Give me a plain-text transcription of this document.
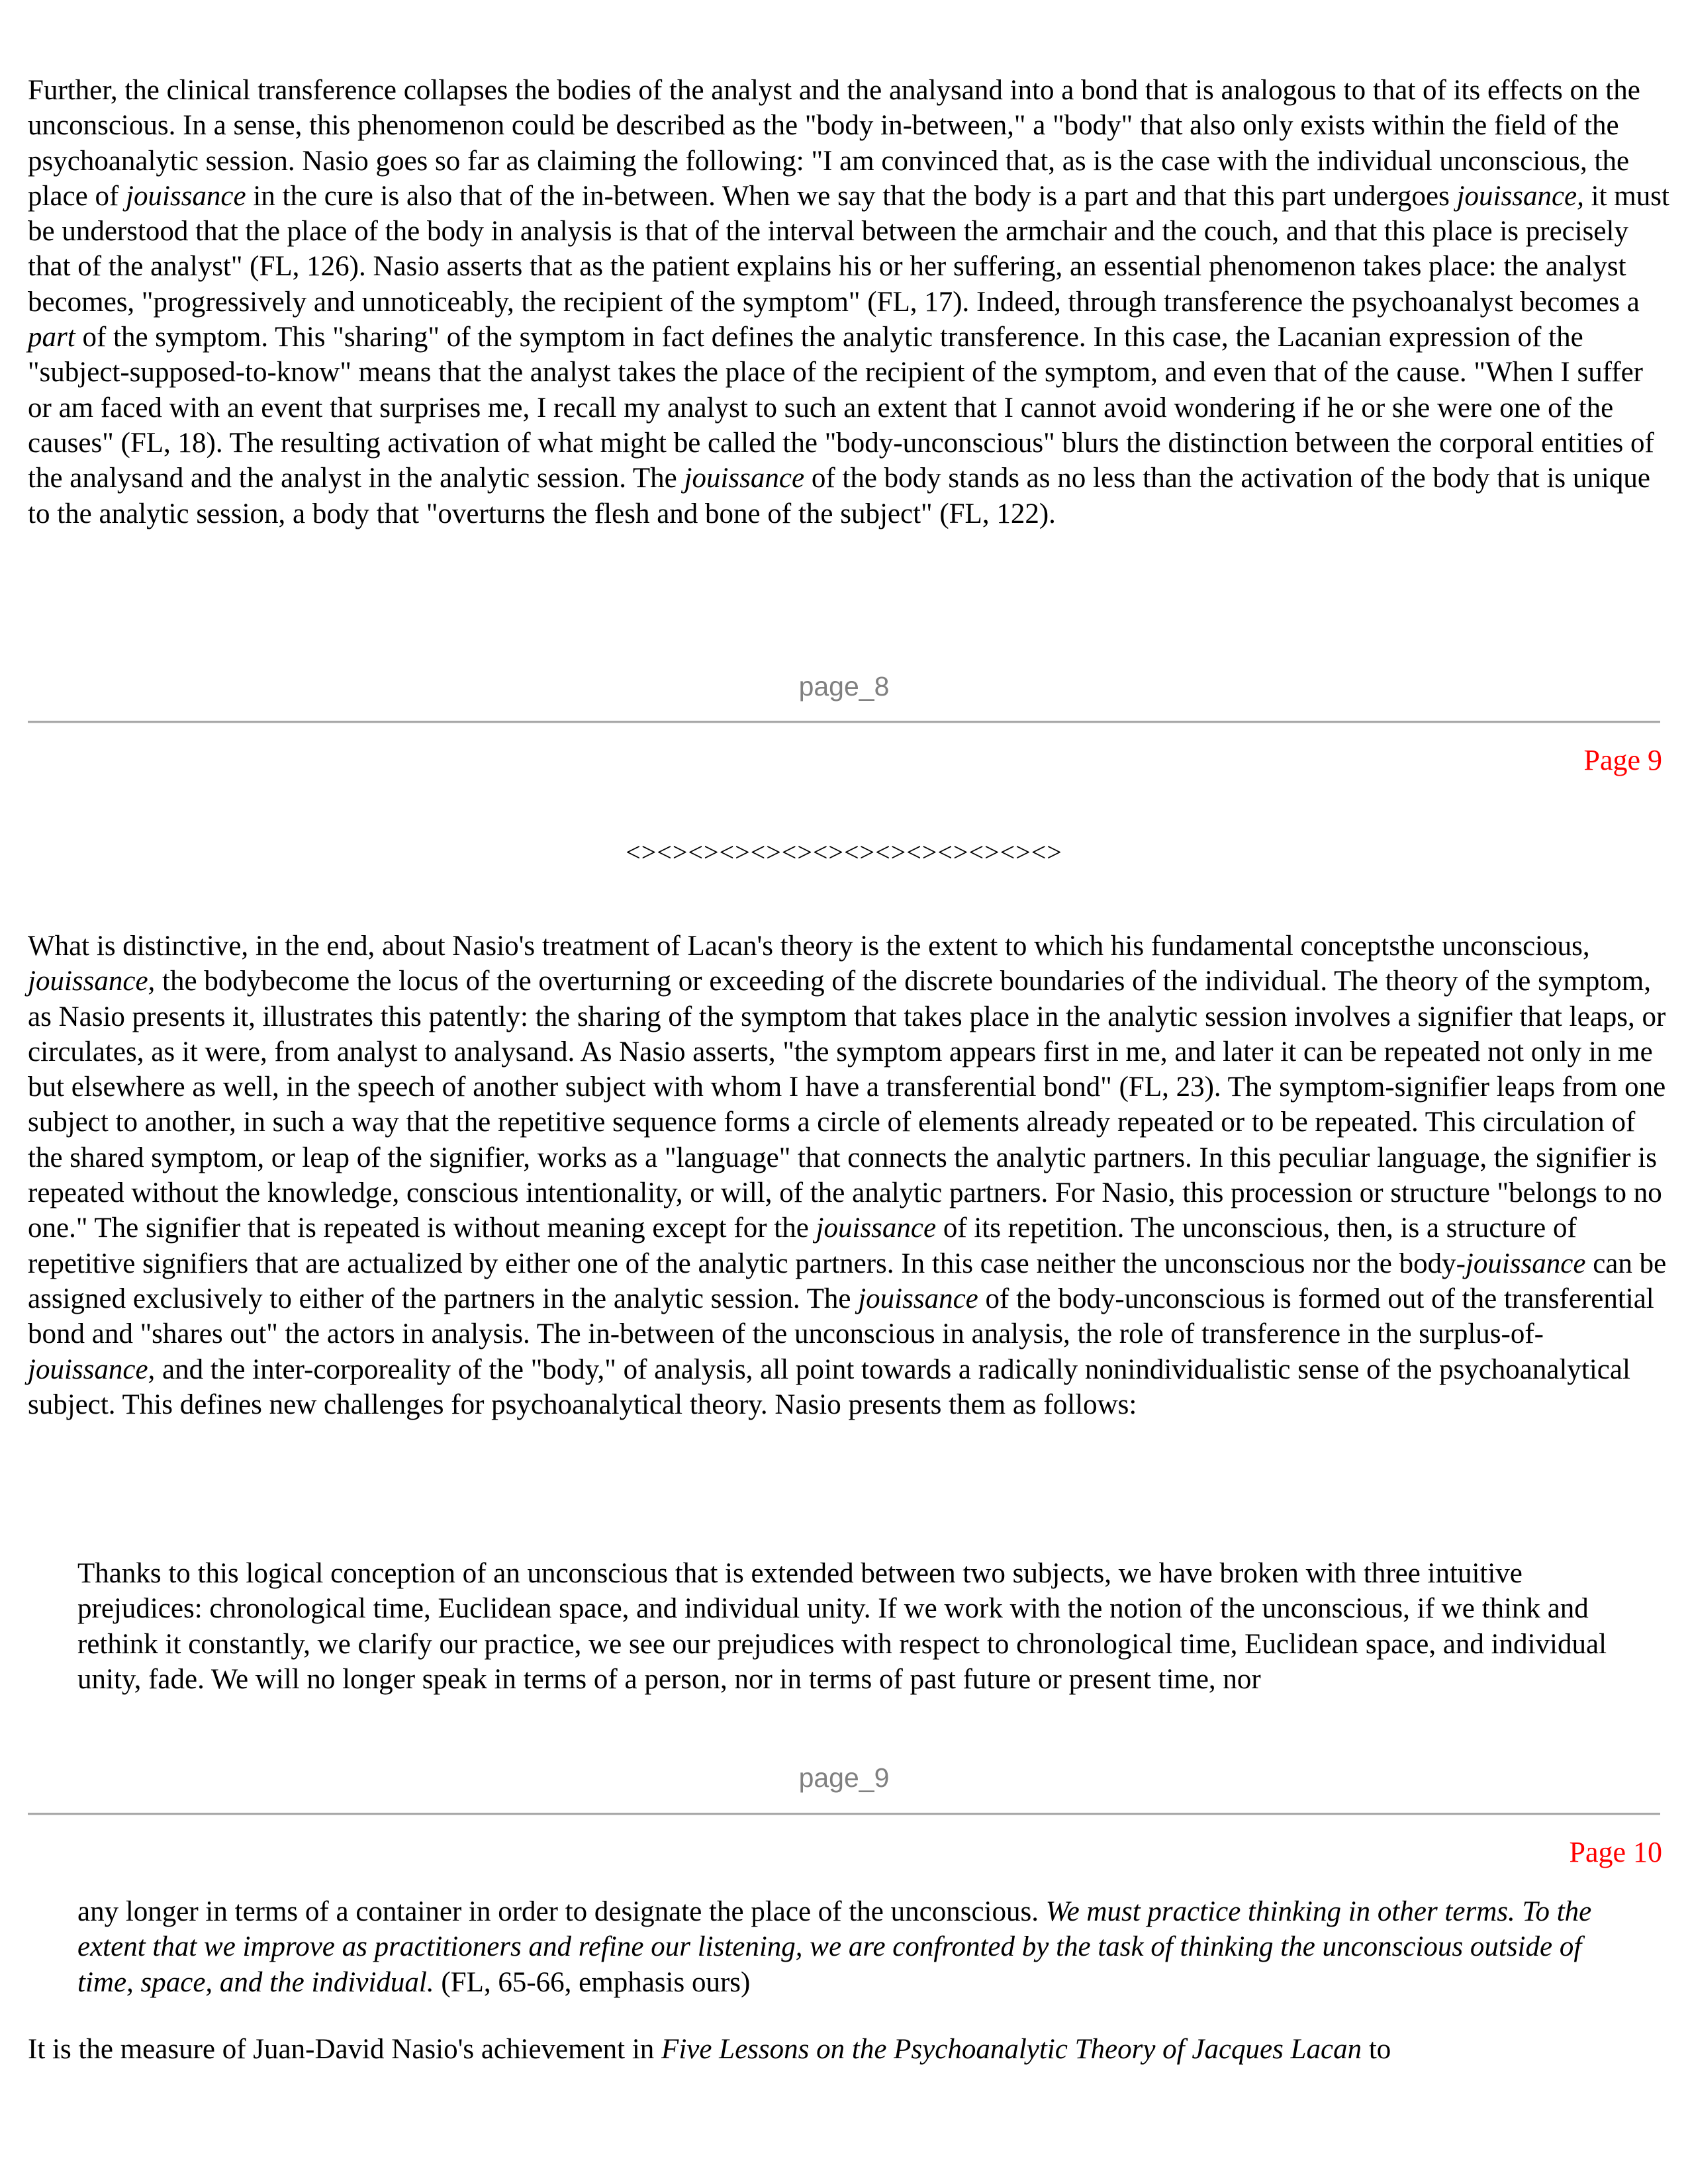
Further, the clinical transference collapses the bodies of the analyst and the analysand into a bond that is analogous to that of its effects on the unconscious. In a sense, this phenomenon could be described as the "body in-between," a "body" that also only exists within the field of the psychoanalytic session. Nasio goes so far as claiming the following: "I am convinced that, as is the case with the individual unconscious, the place of jouissance in the cure is also that of the in-between. When we say that the body is a part and that this part undergoes jouissance, it must be understood that the place of the body in analysis is that of the interval between the armchair and the couch, and that this place is precisely that of the analyst" (FL, 126). Nasio asserts that as the patient explains his or her suffering, an essential phenomenon takes place: the analyst becomes, "progressively and unnoticeably, the recipient of the symptom" (FL, 17). Indeed, through transference the psychoanalyst becomes a part of the symptom. This "sharing" of the symptom in fact defines the analytic transference. In this case, the Lacanian expression of the "subject-supposed-to-know" means that the analyst takes the place of the recipient of the symptom, and even that of the cause. "When I suffer or am faced with an event that surprises me, I recall my analyst to such an extent that I cannot avoid wondering if he or she were one of the causes" (FL, 18). The resulting activation of what might be called the "body-unconscious" blurs the distinction between the corporal entities of the analysand and the analyst in the analytic session. The jouissance of the body stands as no less than the activation of the body that is unique to the analytic session, a body that "overturns the flesh and bone of the subject" (FL, 122).

page_8
Page 9
<><><><><><><><><><><><><><>

What is distinctive, in the end, about Nasio's treatment of Lacan's theory is the extent to which his fundamental conceptsthe unconscious, jouissance, the bodybecome the locus of the overturning or exceeding of the discrete boundaries of the individual. The theory of the symptom, as Nasio presents it, illustrates this patently: the sharing of the symptom that takes place in the analytic session involves a signifier that leaps, or circulates, as it were, from analyst to analysand. As Nasio asserts, "the symptom appears first in me, and later it can be repeated not only in me but elsewhere as well, in the speech of another subject with whom I have a transferential bond" (FL, 23). The symptom-signifier leaps from one subject to another, in such a way that the repetitive sequence forms a circle of elements already repeated or to be repeated. This circulation of the shared symptom, or leap of the signifier, works as a "language" that connects the analytic partners. In this peculiar language, the signifier is repeated without the knowledge, conscious intentionality, or will, of the analytic partners. For Nasio, this procession or structure "belongs to no one." The signifier that is repeated is without meaning except for the jouissance of its repetition. The unconscious, then, is a structure of repetitive signifiers that are actualized by either one of the analytic partners. In this case neither the unconscious nor the body-jouissance can be assigned exclusively to either of the partners in the analytic session. The jouissance of the body-unconscious is formed out of the transferential bond and "shares out" the actors in analysis. The in-between of the unconscious in analysis, the role of transference in the surplus-of-jouissance, and the inter-corporeality of the "body," of analysis, all point towards a radically nonindividualistic sense of the psychoanalytical subject. This defines new challenges for psychoanalytical theory. Nasio presents them as follows:

Thanks to this logical conception of an unconscious that is extended between two subjects, we have broken with three intuitive prejudices: chronological time, Euclidean space, and individual unity. If we work with the notion of the unconscious, if we think and rethink it constantly, we clarify our practice, we see our prejudices with respect to chronological time, Euclidean space, and individual unity, fade. We will no longer speak in terms of a person, nor in terms of past future or present time, nor

page_9
Page 10

any longer in terms of a container in order to designate the place of the unconscious. We must practice thinking in other terms. To the extent that we improve as practitioners and refine our listening, we are confronted by the task of thinking the unconscious outside of time, space, and the individual. (FL, 65-66, emphasis ours)

It is the measure of Juan-David Nasio's achievement in Five Lessons on the Psychoanalytic Theory of Jacques Lacan to
